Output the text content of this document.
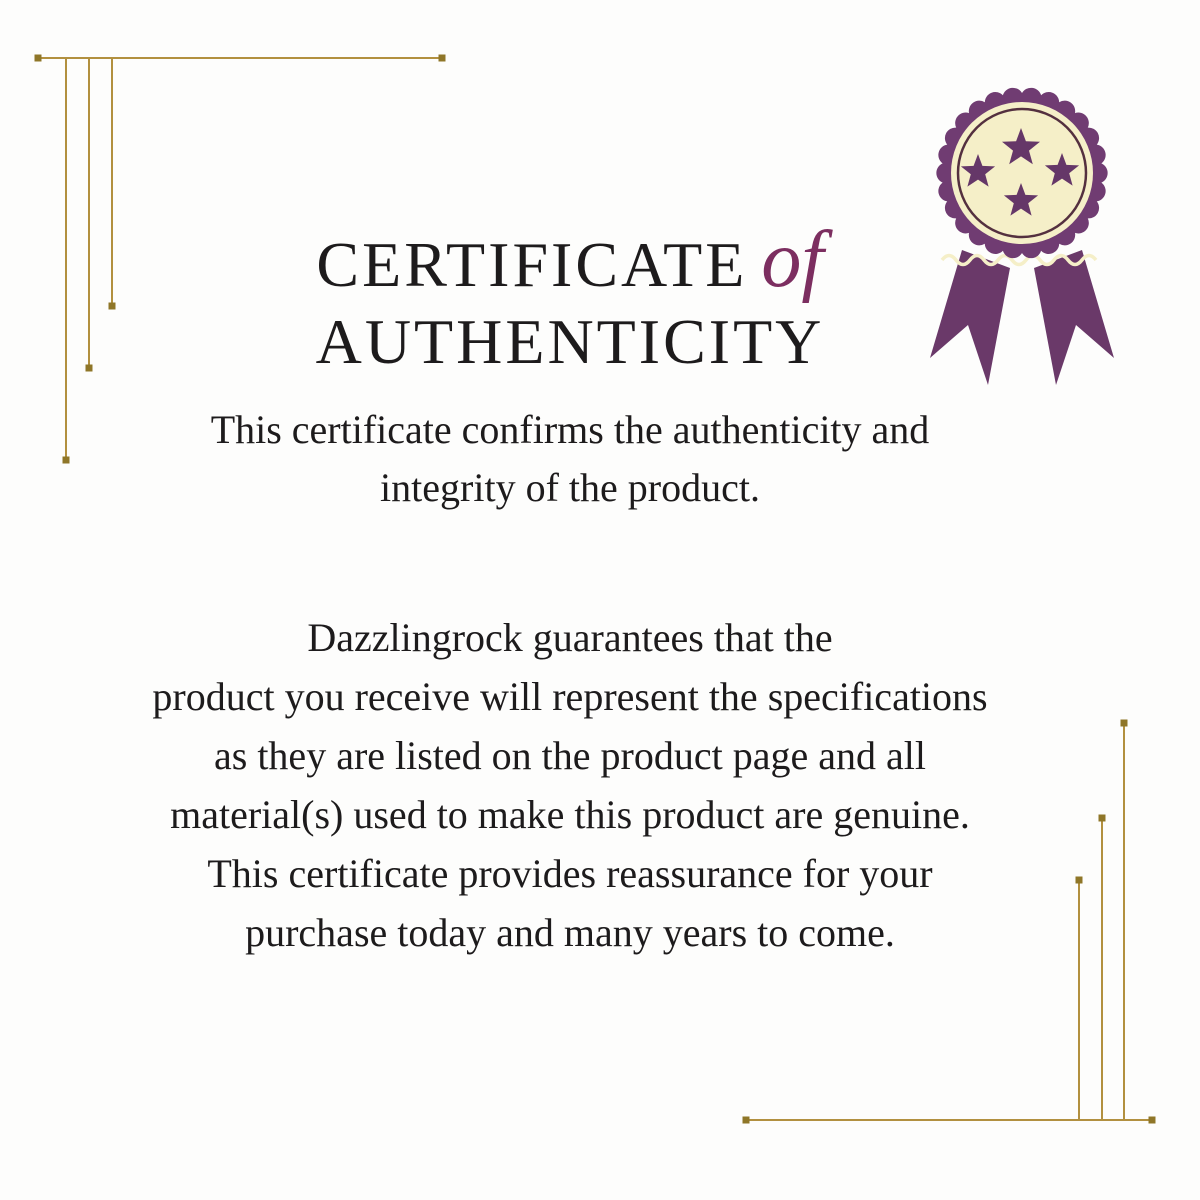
CERTIFICATE of
AUTHENTICITY

This certificate confirms the authenticity and
integrity of the product.

Dazzlingrock guarantees that the
product you receive will represent the specifications
as they are listed on the product page and all
material(s) used to make this product are genuine.
This certificate provides reassurance for your
purchase today and many years to come.
